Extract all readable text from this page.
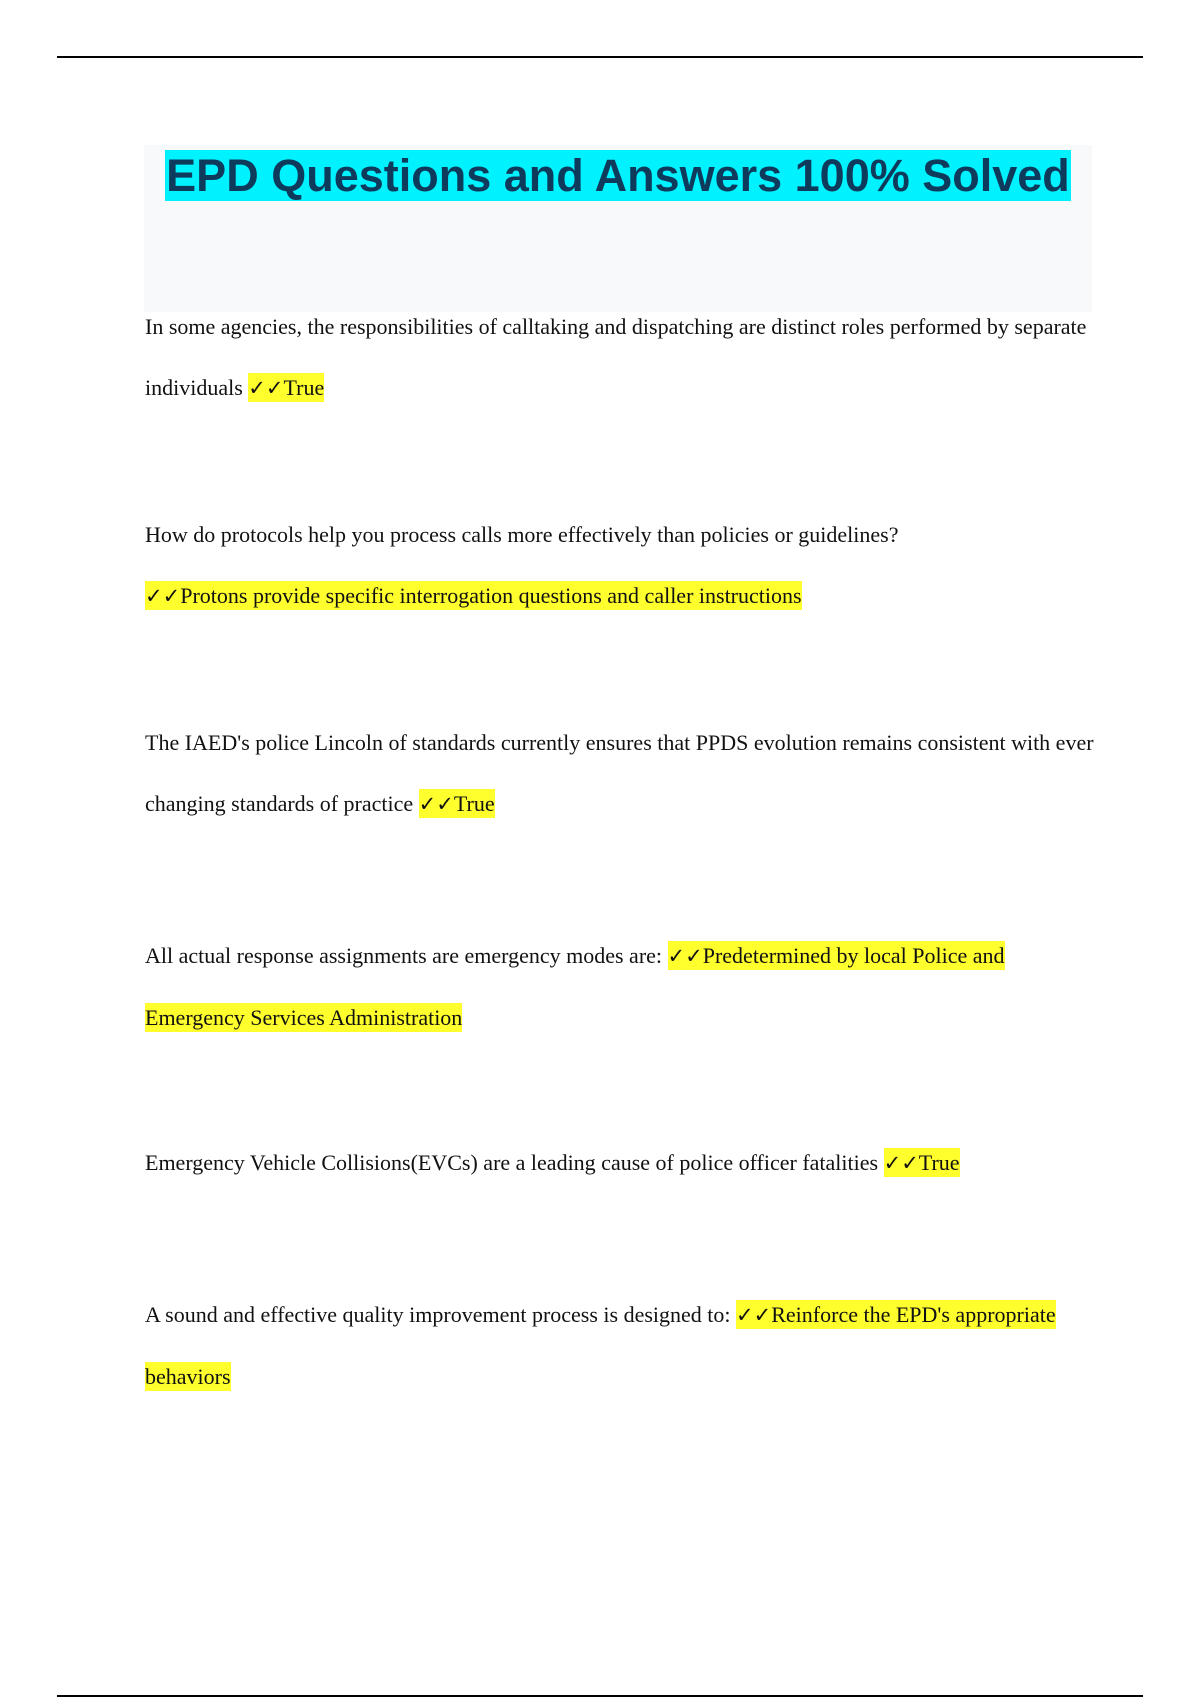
EPD Questions and Answers 100% Solved

In some agencies, the responsibilities of calltaking and dispatching are distinct roles performed by separate individuals ✓✓True

How do protocols help you process calls more effectively than policies or guidelines?
✓✓Protons provide specific interrogation questions and caller instructions

The IAED's police Lincoln of standards currently ensures that PPDS evolution remains consistent with ever changing standards of practice ✓✓True

All actual response assignments are emergency modes are: ✓✓Predetermined by local Police and Emergency Services Administration

Emergency Vehicle Collisions(EVCs) are a leading cause of police officer fatalities ✓✓True

A sound and effective quality improvement process is designed to: ✓✓Reinforce the EPD's appropriate behaviors
